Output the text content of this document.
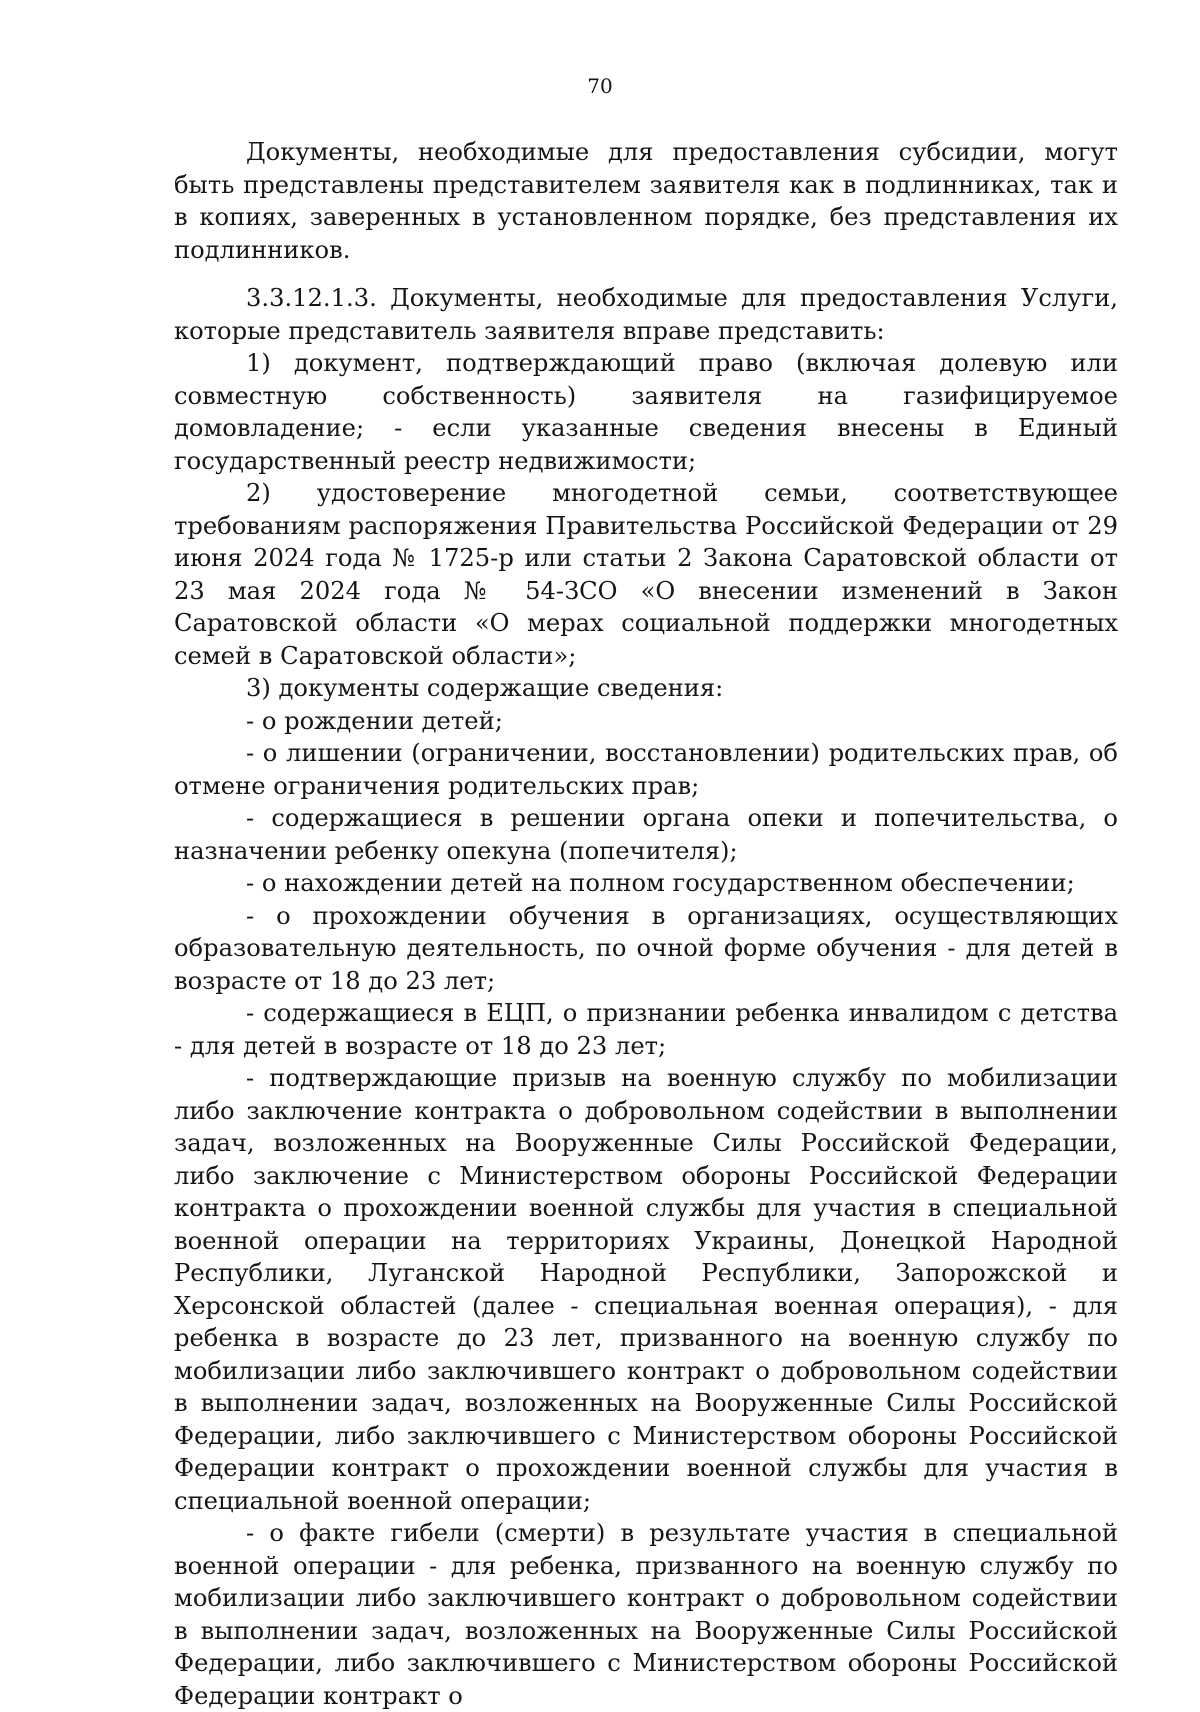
70

Документы, необходимые для предоставления субсидии, могут быть представлены представителем заявителя как в подлинниках, так и в копиях, заверенных в установленном порядке, без представления их подлинников.

3.3.12.1.3. Документы, необходимые для предоставления Услуги, которые представитель заявителя вправе представить:

1) документ, подтверждающий право (включая долевую или совместную собственность) заявителя на газифицируемое домовладение; - если указанные сведения внесены в Единый государственный реестр недвижимости;

2) удостоверение многодетной семьи, соответствующее требованиям распоряжения Правительства Российской Федерации от 29 июня 2024 года № 1725-р или статьи 2 Закона Саратовской области от 23 мая 2024 года № 54-ЗСО «О внесении изменений в Закон Саратовской области «О мерах социальной поддержки многодетных семей в Саратовской области»;

3) документы содержащие сведения:

- о рождении детей;

- о лишении (ограничении, восстановлении) родительских прав, об отмене ограничения родительских прав;

- содержащиеся в решении органа опеки и попечительства, о назначении ребенку опекуна (попечителя);

- о нахождении детей на полном государственном обеспечении;

- о прохождении обучения в организациях, осуществляющих образовательную деятельность, по очной форме обучения - для детей в возрасте от 18 до 23 лет;

- содержащиеся в ЕЦП, о признании ребенка инвалидом с детства - для детей в возрасте от 18 до 23 лет;

- подтверждающие призыв на военную службу по мобилизации либо заключение контракта о добровольном содействии в выполнении задач, возложенных на Вооруженные Силы Российской Федерации, либо заключение с Министерством обороны Российской Федерации контракта о прохождении военной службы для участия в специальной военной операции на территориях Украины, Донецкой Народной Республики, Луганской Народной Республики, Запорожской и Херсонской областей (далее - специальная военная операция), - для ребенка в возрасте до 23 лет, призванного на военную службу по мобилизации либо заключившего контракт о добровольном содействии в выполнении задач, возложенных на Вооруженные Силы Российской Федерации, либо заключившего с Министерством обороны Российской Федерации контракт о прохождении военной службы для участия в специальной военной операции;

- о факте гибели (смерти) в результате участия в специальной военной операции - для ребенка, призванного на военную службу по мобилизации либо заключившего контракт о добровольном содействии в выполнении задач, возложенных на Вооруженные Силы Российской Федерации, либо заключившего с Министерством обороны Российской Федерации контракт о
